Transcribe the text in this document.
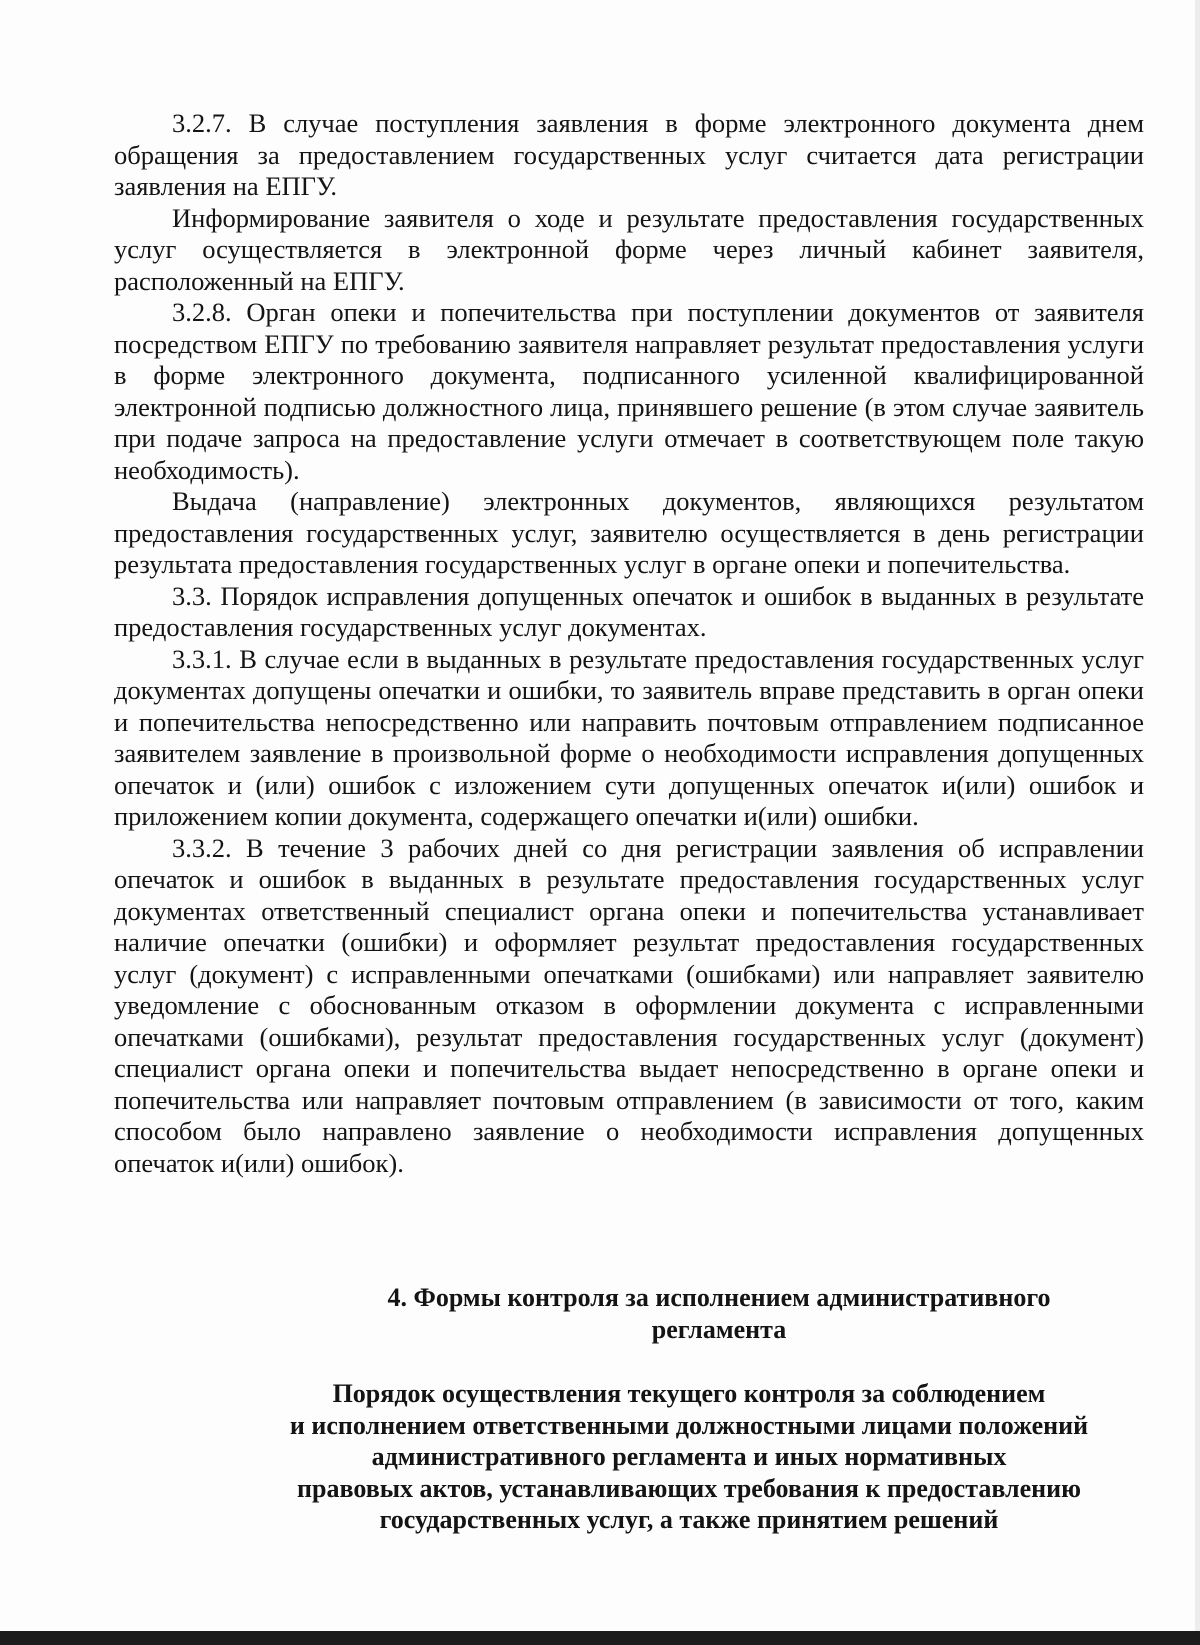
3.2.7. В случае поступления заявления в форме электронного документа днем обращения за предоставлением государственных услуг считается дата регистрации заявления на ЕПГУ.

Информирование заявителя о ходе и результате предоставления государственных услуг осуществляется в электронной форме через личный кабинет заявителя, расположенный на ЕПГУ.

3.2.8. Орган опеки и попечительства при поступлении документов от заявителя посредством ЕПГУ по требованию заявителя направляет результат предоставления услуги в форме электронного документа, подписанного усиленной квалифицированной электронной подписью должностного лица, принявшего решение (в этом случае заявитель при подаче запроса на предоставление услуги отмечает в соответствующем поле такую необходимость).

Выдача (направление) электронных документов, являющихся результатом предоставления государственных услуг, заявителю осуществляется в день регистрации результата предоставления государственных услуг в органе опеки и попечительства.

3.3. Порядок исправления допущенных опечаток и ошибок в выданных в результате предоставления государственных услуг документах.

3.3.1. В случае если в выданных в результате предоставления государственных услуг документах допущены опечатки и ошибки, то заявитель вправе представить в орган опеки и попечительства непосредственно или направить почтовым отправлением подписанное заявителем заявление в произвольной форме о необходимости исправления допущенных опечаток и (или) ошибок с изложением сути допущенных опечаток и(или) ошибок и приложением копии документа, содержащего опечатки и(или) ошибки.

3.3.2. В течение 3 рабочих дней со дня регистрации заявления об исправлении опечаток и ошибок в выданных в результате предоставления государственных услуг документах ответственный специалист органа опеки и попечительства устанавливает наличие опечатки (ошибки) и оформляет результат предоставления государственных услуг (документ) с исправленными опечатками (ошибками) или направляет заявителю уведомление с обоснованным отказом в оформлении документа с исправленными опечатками (ошибками), результат предоставления государственных услуг (документ) специалист органа опеки и попечительства выдает непосредственно в органе опеки и попечительства или направляет почтовым отправлением (в зависимости от того, каким способом было направлено заявление о необходимости исправления допущенных опечаток и(или) ошибок).

4. Формы контроля за исполнением административного

регламента

Порядок осуществления текущего контроля за соблюдением

и исполнением ответственными должностными лицами положений

административного регламента и иных нормативных

правовых актов, устанавливающих требования к предоставлению

государственных услуг, а также принятием решений
